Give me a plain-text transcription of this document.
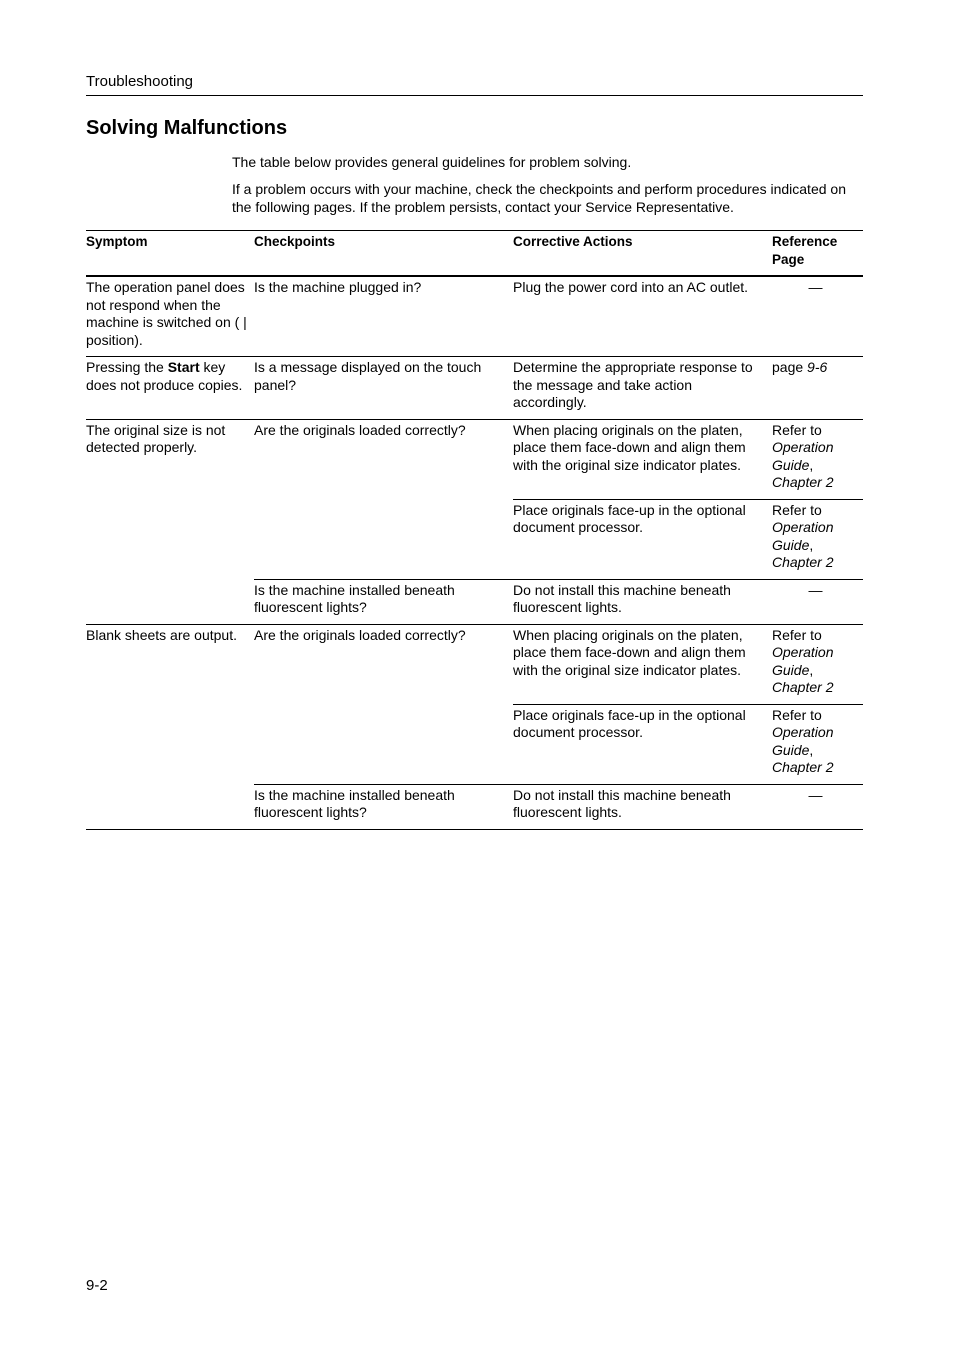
Troubleshooting
Solving Malfunctions

The table below provides general guidelines for problem solving.

If a problem occurs with your machine, check the checkpoints and perform procedures indicated on the following pages. If the problem persists, contact your Service Representative.

Symptom	Checkpoints	Corrective Actions	Reference Page
The operation panel does not respond when the machine is switched on ( | position).	Is the machine plugged in?	Plug the power cord into an AC outlet.	—
Pressing the Start key does not produce copies.	Is a message displayed on the touch panel?	Determine the appropriate response to the message and take action accordingly.	page 9-6
The original size is not detected properly.	Are the originals loaded correctly?	When placing originals on the platen, place them face-down and align them with the original size indicator plates.	Refer to
Operation Guide,
Chapter 2
		Place originals face-up in the optional document processor.	Refer to
Operation Guide,
Chapter 2
	Is the machine installed beneath fluorescent lights?	Do not install this machine beneath fluorescent lights.	—
Blank sheets are output.	Are the originals loaded correctly?	When placing originals on the platen, place them face-down and align them with the original size indicator plates.	Refer to
Operation Guide,
Chapter 2
		Place originals face-up in the optional document processor.	Refer to
Operation Guide,
Chapter 2
	Is the machine installed beneath fluorescent lights?	Do not install this machine beneath fluorescent lights.	—
9-2
